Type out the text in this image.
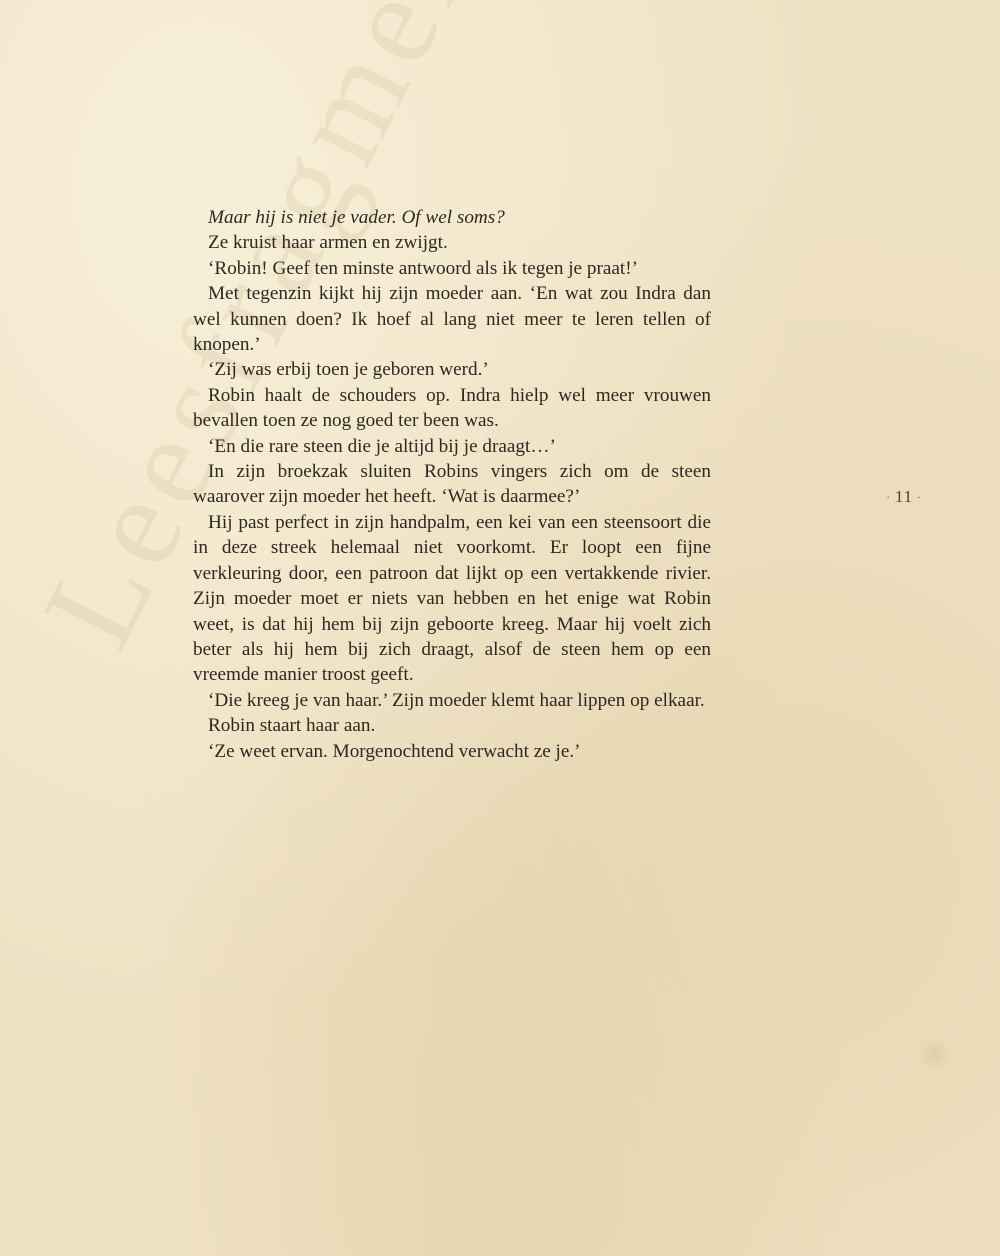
Leesfragment

Maar hij is niet je vader. Of wel soms?

Ze kruist haar armen en zwijgt.

‘Robin! Geef ten minste antwoord als ik tegen je praat!’

Met tegenzin kijkt hij zijn moeder aan. ‘En wat zou Indra dan wel kunnen doen? Ik hoef al lang niet meer te leren tellen of knopen.’

‘Zij was erbij toen je geboren werd.’

Robin haalt de schouders op. Indra hielp wel meer vrouwen bevallen toen ze nog goed ter been was.

‘En die rare steen die je altijd bij je draagt…’

In zijn broekzak sluiten Robins vingers zich om de steen waarover zijn moeder het heeft. ‘Wat is daarmee?’

Hij past perfect in zijn handpalm, een kei van een steensoort die in deze streek helemaal niet voorkomt. Er loopt een fijne verkleuring door, een patroon dat lijkt op een vertakkende rivier. Zijn moeder moet er niets van hebben en het enige wat Robin weet, is dat hij hem bij zijn geboorte kreeg. Maar hij voelt zich beter als hij hem bij zich draagt, alsof de steen hem op een vreemde manier troost geeft.

‘Die kreeg je van haar.’ Zijn moeder klemt haar lippen op elkaar.

Robin staart haar aan.

‘Ze weet ervan. Morgenochtend verwacht ze je.’

· 11 ·
